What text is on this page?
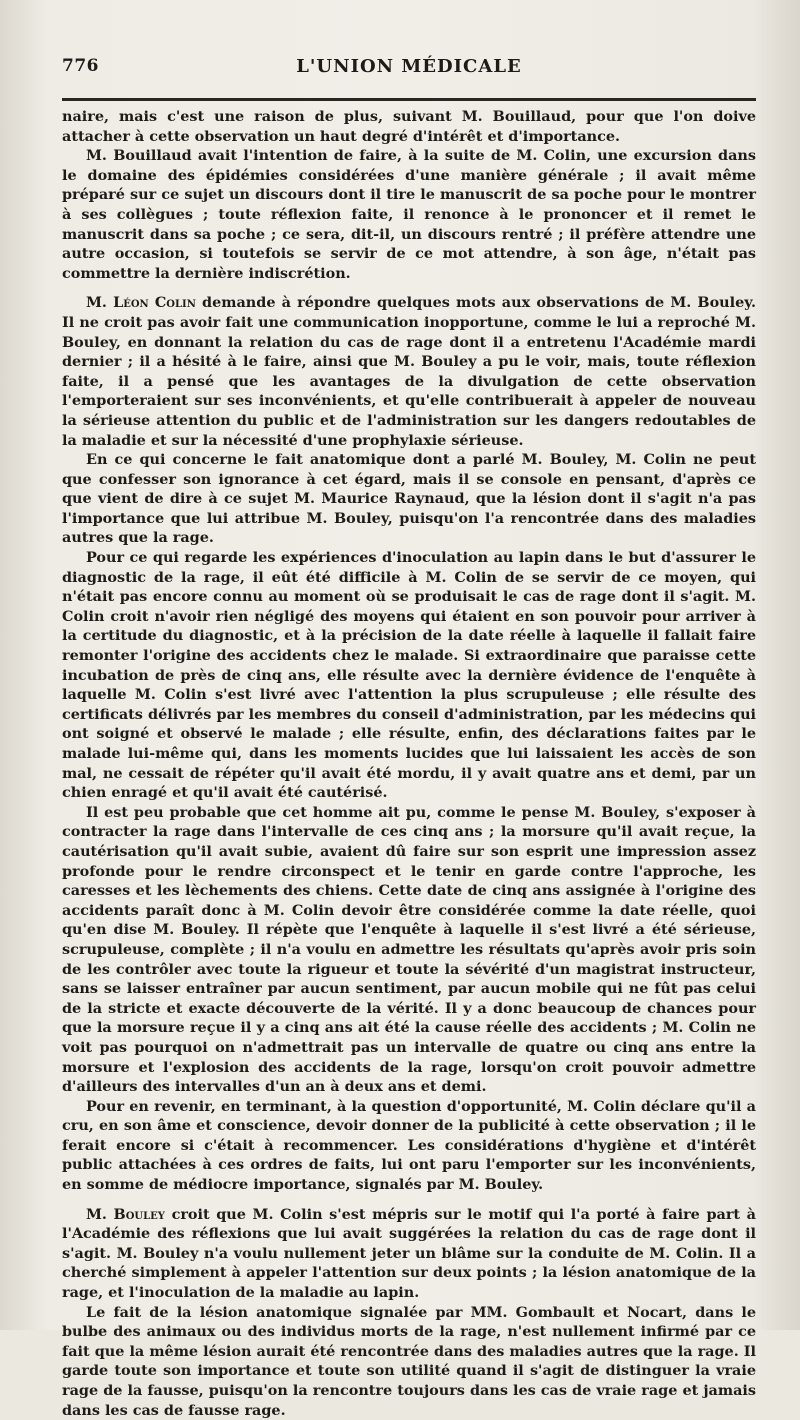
776	L'UNION MÉDICALE

naire, mais c'est une raison de plus, suivant M. Bouillaud, pour que l'on doive attacher à cette observation un haut degré d'intérêt et d'importance.

M. Bouillaud avait l'intention de faire, à la suite de M. Colin, une excursion dans le domaine des épidémies considérées d'une manière générale ; il avait même préparé sur ce sujet un discours dont il tire le manuscrit de sa poche pour le montrer à ses collègues ; toute réflexion faite, il renonce à le prononcer et il remet le manuscrit dans sa poche ; ce sera, dit-il, un discours rentré ; il préfère attendre une autre occasion, si toutefois se servir de ce mot attendre, à son âge, n'était pas commettre la dernière indiscrétion.

M. Léon Colin demande à répondre quelques mots aux observations de M. Bouley. Il ne croit pas avoir fait une communication inopportune, comme le lui a reproché M. Bouley, en donnant la relation du cas de rage dont il a entretenu l'Académie mardi dernier ; il a hésité à le faire, ainsi que M. Bouley a pu le voir, mais, toute réflexion faite, il a pensé que les avantages de la divulgation de cette observation l'emporteraient sur ses inconvénients, et qu'elle contribuerait à appeler de nouveau la sérieuse attention du public et de l'administration sur les dangers redoutables de la maladie et sur la nécessité d'une prophylaxie sérieuse.

En ce qui concerne le fait anatomique dont a parlé M. Bouley, M. Colin ne peut que confesser son ignorance à cet égard, mais il se console en pensant, d'après ce que vient de dire à ce sujet M. Maurice Raynaud, que la lésion dont il s'agit n'a pas l'importance que lui attribue M. Bouley, puisqu'on l'a rencontrée dans des maladies autres que la rage.

Pour ce qui regarde les expériences d'inoculation au lapin dans le but d'assurer le diagnostic de la rage, il eût été difficile à M. Colin de se servir de ce moyen, qui n'était pas encore connu au moment où se produisait le cas de rage dont il s'agit. M. Colin croit n'avoir rien négligé des moyens qui étaient en son pouvoir pour arriver à la certitude du diagnostic, et à la précision de la date réelle à laquelle il fallait faire remonter l'origine des accidents chez le malade. Si extraordinaire que paraisse cette incubation de près de cinq ans, elle résulte avec la dernière évidence de l'enquête à laquelle M. Colin s'est livré avec l'attention la plus scrupuleuse ; elle résulte des certificats délivrés par les membres du conseil d'administration, par les médecins qui ont soigné et observé le malade ; elle résulte, enfin, des déclarations faites par le malade lui-même qui, dans les moments lucides que lui laissaient les accès de son mal, ne cessait de répéter qu'il avait été mordu, il y avait quatre ans et demi, par un chien enragé et qu'il avait été cautérisé.

Il est peu probable que cet homme ait pu, comme le pense M. Bouley, s'exposer à contracter la rage dans l'intervalle de ces cinq ans ; la morsure qu'il avait reçue, la cautérisation qu'il avait subie, avaient dû faire sur son esprit une impression assez profonde pour le rendre circonspect et le tenir en garde contre l'approche, les caresses et les lèchements des chiens. Cette date de cinq ans assignée à l'origine des accidents paraît donc à M. Colin devoir être considérée comme la date réelle, quoi qu'en dise M. Bouley. Il répète que l'enquête à laquelle il s'est livré a été sérieuse, scrupuleuse, complète ; il n'a voulu en admettre les résultats qu'après avoir pris soin de les contrôler avec toute la rigueur et toute la sévérité d'un magistrat instructeur, sans se laisser entraîner par aucun sentiment, par aucun mobile qui ne fût pas celui de la stricte et exacte découverte de la vérité. Il y a donc beaucoup de chances pour que la morsure reçue il y a cinq ans ait été la cause réelle des accidents ; M. Colin ne voit pas pourquoi on n'admettrait pas un intervalle de quatre ou cinq ans entre la morsure et l'explosion des accidents de la rage, lorsqu'on croit pouvoir admettre d'ailleurs des intervalles d'un an à deux ans et demi.

Pour en revenir, en terminant, à la question d'opportunité, M. Colin déclare qu'il a cru, en son âme et conscience, devoir donner de la publicité à cette observation ; il le ferait encore si c'était à recommencer. Les considérations d'hygiène et d'intérêt public attachées à ces ordres de faits, lui ont paru l'emporter sur les inconvénients, en somme de médiocre importance, signalés par M. Bouley.

M. Bouley croit que M. Colin s'est mépris sur le motif qui l'a porté à faire part à l'Académie des réflexions que lui avait suggérées la relation du cas de rage dont il s'agit. M. Bouley n'a voulu nullement jeter un blâme sur la conduite de M. Colin. Il a cherché simplement à appeler l'attention sur deux points ; la lésion anatomique de la rage, et l'inoculation de la maladie au lapin.

Le fait de la lésion anatomique signalée par MM. Gombault et Nocart, dans le bulbe des animaux ou des individus morts de la rage, n'est nullement infirmé par ce fait que la même lésion aurait été rencontrée dans des maladies autres que la rage. Il garde toute son importance et toute son utilité quand il s'agit de distinguer la vraie rage de la fausse, puisqu'on la rencontre toujours dans les cas de vraie rage et jamais dans les cas de fausse rage.
